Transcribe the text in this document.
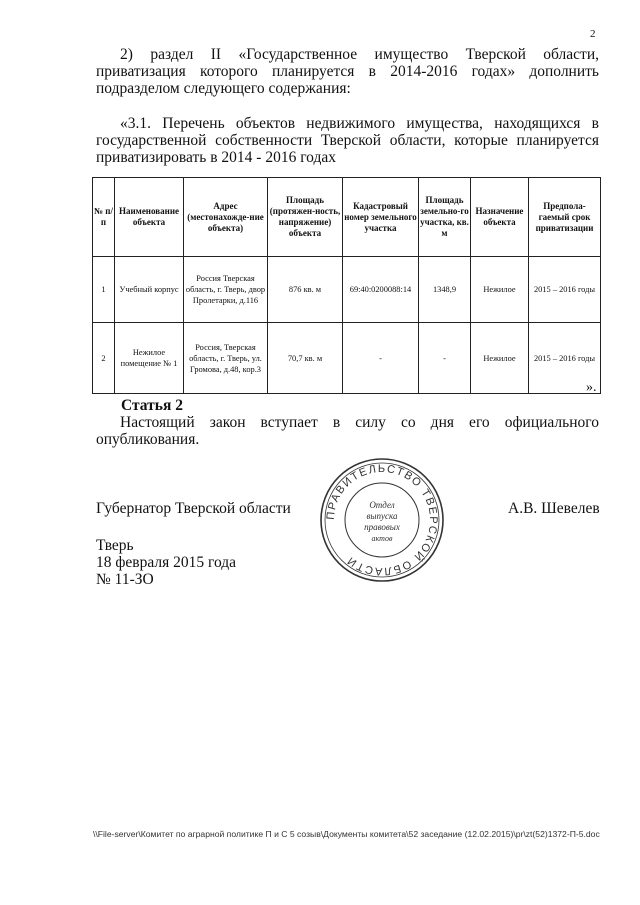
2
2) раздел II «Государственное имущество Тверской области, приватизация которого планируется в 2014-2016 годах» дополнить подразделом следующего содержания:
«3.1. Перечень объектов недвижимого имущества, находящихся в государственной собственности Тверской области, которые планируется приватизировать в 2014 - 2016 годах
№ п/п	Наименование объекта	Адрес (местонахожде-ние объекта)	Площадь (протяжен-ность, напряжение) объекта	Кадастровый номер земельного участка	Площадь земельно-го участка, кв. м	Назначение объекта	Предпола-гаемый срок приватизации
1	Учебный корпус	Россия Тверская область, г. Тверь, двор Пролетарки, д.116	876 кв. м	69:40:0200088:14	1348,9	Нежилое	2015 – 2016 годы
2	Нежилое помещение № 1	Россия, Тверская область, г. Тверь, ул. Громова, д.48, кор.3	70,7 кв. м	-	-	Нежилое	2015 – 2016 годы
».
Статья 2
Настоящий закон вступает в силу со дня его официального опубликования.
Губернатор Тверской области	А.В. Шевелев
ПРАВИТЕЛЬСТВО ТВЕРСКОЙ ОБЛАСТИ
Отдел
выпуска
правовых
актов
Тверь
18 февраля 2015 года
№ 11-ЗО
\\File-server\Комитет по аграрной политике П и С 5 созыв\Документы комитета\52 заседание (12.02.2015)\pr\zt(52)1372-П-5.doc
